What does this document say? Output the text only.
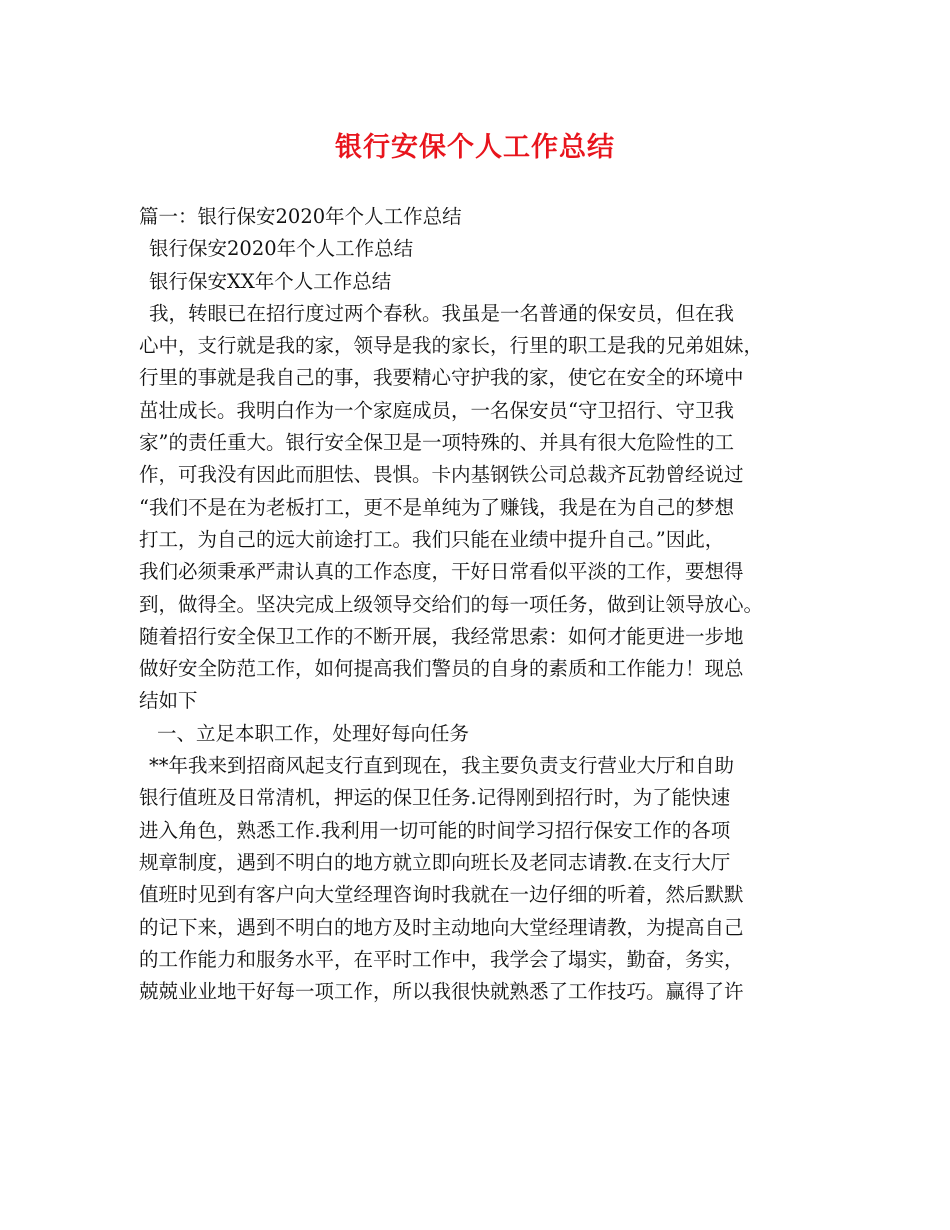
银行安保个人工作总结
篇一：银行保安2020年个人工作总结
银行保安2020年个人工作总结
银行保安XX年个人工作总结
我，转眼已在招行度过两个春秋。我虽是一名普通的保安员，但在我
心中，支行就是我的家，领导是我的家长，行里的职工是我的兄弟姐妹，
行里的事就是我自己的事，我要精心守护我的家，使它在安全的环境中
茁壮成长。我明白作为一个家庭成员，一名保安员“守卫招行、守卫我
家”的责任重大。银行安全保卫是一项特殊的、并具有很大危险性的工
作，可我没有因此而胆怯、畏惧。卡内基钢铁公司总裁齐瓦勃曾经说过
“我们不是在为老板打工，更不是单纯为了赚钱，我是在为自己的梦想
打工，为自己的远大前途打工。我们只能在业绩中提升自己。”因此，
我们必须秉承严肃认真的工作态度，干好日常看似平淡的工作，要想得
到，做得全。坚决完成上级领导交给们的每一项任务，做到让领导放心。
随着招行安全保卫工作的不断开展，我经常思索：如何才能更进一步地
做好安全防范工作，如何提高我们警员的自身的素质和工作能力！现总
结如下
一、立足本职工作，处理好每向任务
**年我来到招商风起支行直到现在，我主要负责支行营业大厅和自助
银行值班及日常清机，押运的保卫任务.记得刚到招行时，为了能快速
进入角色，熟悉工作.我利用一切可能的时间学习招行保安工作的各项
规章制度，遇到不明白的地方就立即向班长及老同志请教.在支行大厅
值班时见到有客户向大堂经理咨询时我就在一边仔细的听着，然后默默
的记下来，遇到不明白的地方及时主动地向大堂经理请教，为提高自己
的工作能力和服务水平，在平时工作中，我学会了塌实，勤奋，务实，
兢兢业业地干好每一项工作，所以我很快就熟悉了工作技巧。赢得了许
